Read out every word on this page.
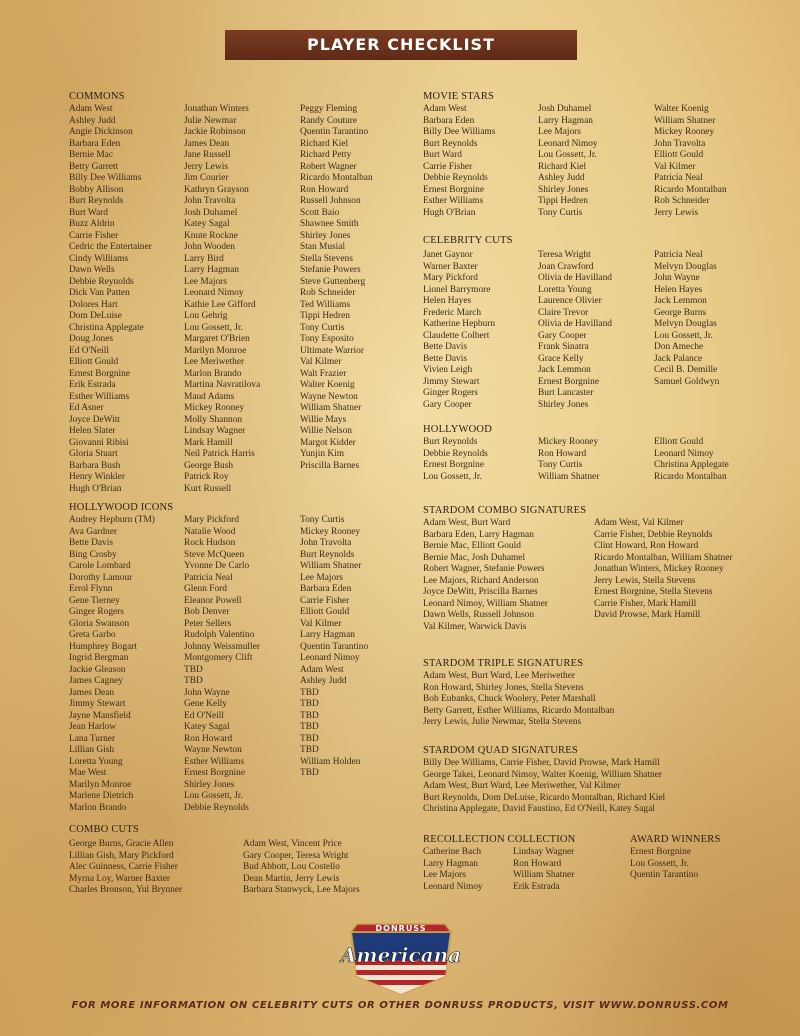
PLAYER CHECKLIST
COMMONS
Adam West
Ashley Judd
Angie Dickinson
Barbara Eden
Bernie Mac
Betty Garrett
Billy Dee Williams
Bobby Allison
Burt Reynolds
Burt Ward
Buzz Aldrin
Carrie Fisher
Cedric the Entertainer
Cindy Williams
Dawn Wells
Debbie Reynolds
Dick Van Patten
Dolores Hart
Dom DeLuise
Christina Applegate
Doug Jones
Ed O'Neill
Elliott Gould
Ernest Borgnine
Erik Estrada
Esther Williams
Ed Asner
Joyce DeWitt
Helen Slater
Giovanni Ribisi
Gloria Stuart
Barbara Bush
Henry Winkler
Hugh O'Brian
Jonathan Winters
Julie Newmar
Jackie Robinson
James Dean
Jane Russell
Jerry Lewis
Jim Courier
Kathryn Grayson
John Travolta
Josh Duhamel
Katey Sagal
Knute Rockne
John Wooden
Larry Bird
Larry Hagman
Lee Majors
Leonard Nimoy
Kathie Lee Gifford
Lou Gehrig
Lou Gossett, Jr.
Margaret O'Brien
Marilyn Monroe
Lee Meriwether
Marlon Brando
Martina Navratilova
Maud Adams
Mickey Rooney
Molly Shannon
Lindsay Wagner
Mark Hamill
Neil Patrick Harris
George Bush
Patrick Roy
Kurt Russell
Peggy Fleming
Randy Couture
Quentin Tarantino
Richard Kiel
Richard Petty
Robert Wagner
Ricardo Montalban
Ron Howard
Russell Johnson
Scott Baio
Shawnee Smith
Shirley Jones
Stan Musial
Stella Stevens
Stefanie Powers
Steve Guttenberg
Rob Schneider
Ted Williams
Tippi Hedren
Tony Curtis
Tony Esposito
Ultimate Warrior
Val Kilmer
Walt Frazier
Walter Koenig
Wayne Newton
William Shatner
Willie Mays
Willie Nelson
Margot Kidder
Yunjin Kim
Priscilla Barnes
HOLLYWOOD ICONS
Audrey Hepburn (TM)
Ava Gardner
Bette Davis
Bing Crosby
Carole Lombard
Dorothy Lamour
Errol Flynn
Gene Tierney
Ginger Rogers
Gloria Swanson
Greta Garbo
Humphrey Bogart
Ingrid Bergman
Jackie Gleason
James Cagney
James Dean
Jimmy Stewart
Jayne Mansfield
Jean Harlow
Lana Turner
Lillian Gish
Loretta Young
Mae West
Marilyn Monroe
Marlene Dietrich
Marlon Brando
Mary Pickford
Natalie Wood
Rock Hudson
Steve McQueen
Yvonne De Carlo
Patricia Neal
Glenn Ford
Eleanor Powell
Bob Denver
Peter Sellers
Rudolph Valentino
Johnny Weissmuller
Montgomery Clift
TBD
TBD
John Wayne
Gene Kelly
Ed O'Neill
Katey Sagal
Ron Howard
Wayne Newton
Esther Williams
Ernest Borgnine
Shirley Jones
Lou Gossett, Jr.
Debbie Reynolds
Tony Curtis
Mickey Rooney
John Travolta
Burt Reynolds
William Shatner
Lee Majors
Barbara Eden
Carrie Fisher
Elliott Gould
Val Kilmer
Larry Hagman
Quentin Tarantino
Leonard Nimoy
Adam West
Ashley Judd
TBD
TBD
TBD
TBD
TBD
TBD
William Holden
TBD
COMBO CUTS
George Burns, Gracie Allen
Lillian Gish, Mary Pickford
Alec Guinness, Carrie Fisher
Myrna Loy, Warner Baxter
Charles Bronson, Yul Brynner
Adam West, Vincent Price
Gary Cooper, Teresa Wright
Bud Abbott, Lou Costello
Dean Martin, Jerry Lewis
Barbara Stanwyck, Lee Majors
MOVIE STARS
Adam West
Barbara Eden
Billy Dee Williams
Burt Reynolds
Burt Ward
Carrie Fisher
Debbie Reynolds
Ernest Borgnine
Esther Williams
Hugh O'Brian
Josh Duhamel
Larry Hagman
Lee Majors
Leonard Nimoy
Lou Gossett, Jr.
Richard Kiel
Ashley Judd
Shirley Jones
Tippi Hedren
Tony Curtis
Walter Koenig
William Shatner
Mickey Rooney
John Travolta
Elliott Gould
Val Kilmer
Patricia Neal
Ricardo Montalban
Rob Schneider
Jerry Lewis
CELEBRITY CUTS
Janet Gaynor
Warner Baxter
Mary Pickford
Lionel Barrymore
Helen Hayes
Frederic March
Katherine Hepburn
Claudette Colbert
Bette Davis
Bette Davis
Vivien Leigh
Jimmy Stewart
Ginger Rogers
Gary Cooper
Teresa Wright
Joan Crawford
Olivia de Havilland
Loretta Young
Laurence Olivier
Claire Trevor
Olivia de Havilland
Gary Cooper
Frank Sinatra
Grace Kelly
Jack Lemmon
Ernest Borgnine
Burt Lancaster
Shirley Jones
Patricia Neal
Melvyn Douglas
John Wayne
Helen Hayes
Jack Lemmon
George Burns
Melvyn Douglas
Lou Gossett, Jr.
Don Ameche
Jack Palance
Cecil B. Demille
Samuel Goldwyn
HOLLYWOOD
Burt Reynolds
Debbie Reynolds
Ernest Borgnine
Lou Gossett, Jr.
Mickey Rooney
Ron Howard
Tony Curtis
William Shatner
Elliott Gould
Leonard Nimoy
Christina Applegate
Ricardo Montalban
STARDOM COMBO SIGNATURES
Adam West, Burt Ward
Barbara Eden, Larry Hagman
Bernie Mac, Elliott Gould
Bernie Mac, Josh Duhamel
Robert Wagner, Stefanie Powers
Lee Majors, Richard Anderson
Joyce DeWitt, Priscilla Barnes
Leonard Nimoy, William Shatner
Dawn Wells, Russell Johnson
Val Kilmer, Warwick Davis
Adam West, Val Kilmer
Carrie Fisher, Debbie Reynolds
Clint Howard, Ron Howard
Ricardo Montalban, William Shatner
Jonathan Winters, Mickey Rooney
Jerry Lewis, Stella Stevens
Ernest Borgnine, Stella Stevens
Carrie Fisher, Mark Hamill
David Prowse, Mark Hamill
STARDOM TRIPLE SIGNATURES
Adam West, Burt Ward, Lee Meriwether
Ron Howard, Shirley Jones, Stella Stevens
Bob Eubanks, Chuck Woolery, Peter Marshall
Betty Garrett, Esther Williams, Ricardo Montalban
Jerry Lewis, Julie Newmar, Stella Stevens
STARDOM QUAD SIGNATURES
Billy Dee Williams, Carrie Fisher, David Prowse, Mark Hamill
George Takei, Leonard Nimoy, Walter Koenig, William Shatner
Adam West, Burt Ward, Lee Meriwether, Val Kilmer
Burt Reynolds, Dom DeLuise, Ricardo Montalban, Richard Kiel
Christina Applegate, David Faustino, Ed O'Neill, Katey Sagal
RECOLLECTION COLLECTION
Catherine Bach
Larry Hagman
Lee Majors
Leonard Nimoy
Lindsay Wagner
Ron Howard
William Shatner
Erik Estrada
AWARD WINNERS
Ernest Borgnine
Lou Gossett, Jr.
Quentin Tarantino
DONRUSS
Americana
FOR MORE INFORMATION ON CELEBRITY CUTS OR OTHER DONRUSS PRODUCTS, VISIT WWW.DONRUSS.COM
